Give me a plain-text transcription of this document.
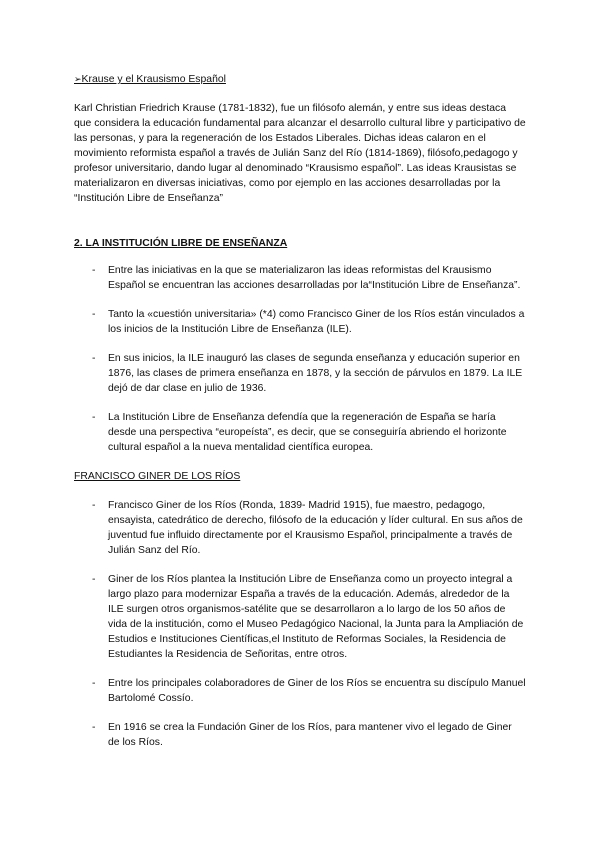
➢Krause y el Krausismo Español

Karl Christian Friedrich Krause (1781-1832), fue un filósofo alemán, y entre sus ideas destaca que considera la educación fundamental para alcanzar el desarrollo cultural libre y participativo de las personas, y para la regeneración de los Estados Liberales. Dichas ideas calaron en el movimiento reformista español a través de Julián Sanz del Río (1814-1869), filósofo,pedagogo y profesor universitario, dando lugar al denominado “Krausismo español”. Las ideas Krausistas se materializaron en diversas iniciativas, como por ejemplo en las acciones desarrolladas por la “Institución Libre de Enseñanza”

2. LA INSTITUCIÓN LIBRE DE ENSEÑANZA

- Entre las iniciativas en la que se materializaron las ideas reformistas del Krausismo Español se encuentran las acciones desarrolladas por la“Institución Libre de Enseñanza”.
- Tanto la «cuestión universitaria» (*4) como Francisco Giner de los Ríos están vinculados a los inicios de la Institución Libre de Enseñanza (ILE).
- En sus inicios, la ILE inauguró las clases de segunda enseñanza y educación superior en 1876, las clases de primera enseñanza en 1878, y la sección de párvulos en 1879. La ILE dejó de dar clase en julio de 1936.
- La Institución Libre de Enseñanza defendía que la regeneración de España se haría desde una perspectiva “europeísta”, es decir, que se conseguiría abriendo el horizonte cultural español a la nueva mentalidad científica europea.

FRANCISCO GINER DE LOS RÍOS

- Francisco Giner de los Ríos (Ronda, 1839- Madrid 1915), fue maestro, pedagogo, ensayista, catedrático de derecho, filósofo de la educación y líder cultural. En sus años de juventud fue influido directamente por el Krausismo Español, principalmente a través de Julián Sanz del Río.
- Giner de los Ríos plantea la Institución Libre de Enseñanza como un proyecto integral a largo plazo para modernizar España a través de la educación. Además, alrededor de la ILE surgen otros organismos-satélite que se desarrollaron a lo largo de los 50 años de vida de la institución, como el Museo Pedagógico Nacional, la Junta para la Ampliación de Estudios e Instituciones Científicas,el Instituto de Reformas Sociales, la Residencia de Estudiantes la Residencia de Señoritas, entre otros.
- Entre los principales colaboradores de Giner de los Ríos se encuentra su discípulo Manuel Bartolomé Cossío.
- En 1916 se crea la Fundación Giner de los Ríos, para mantener vivo el legado de Giner de los Ríos.
